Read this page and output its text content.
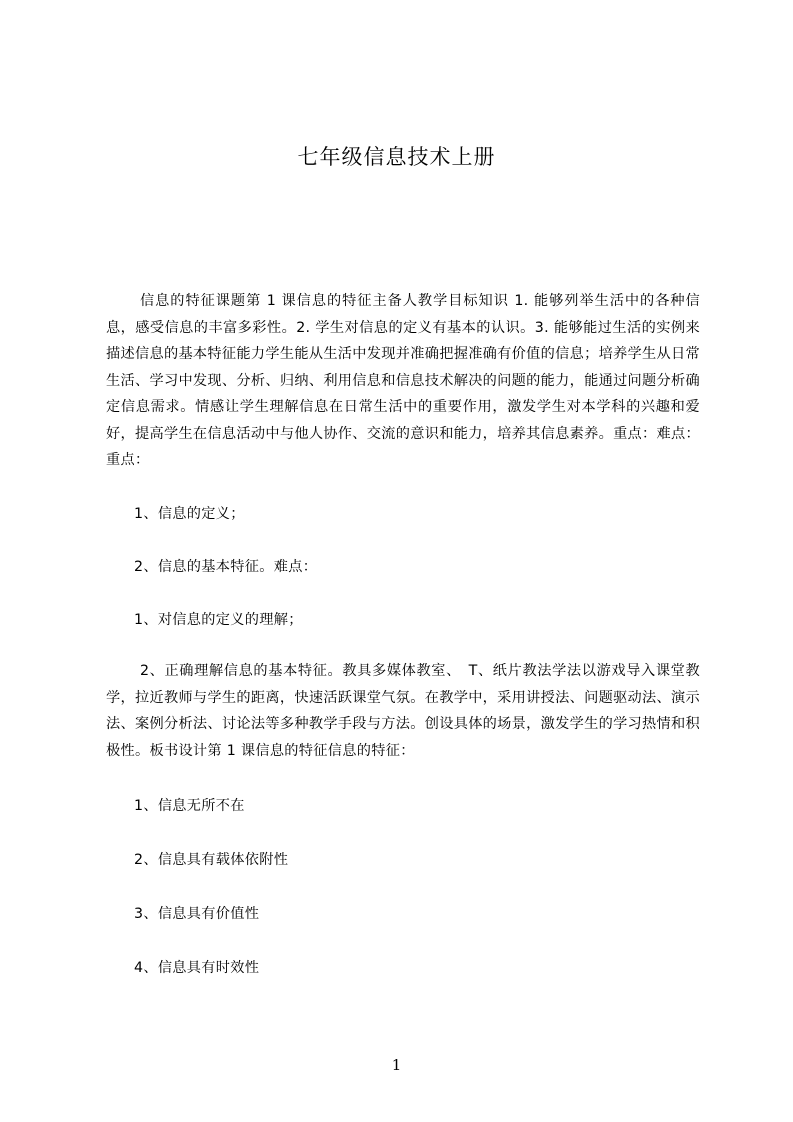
七年级信息技术上册
信息的特征课题第 1 课信息的特征主备人教学目标知识 1. 能够列举生活中的各种信息，感受信息的丰富多彩性。2. 学生对信息的定义有基本的认识。3. 能够能过生活的实例来描述信息的基本特征能力学生能从生活中发现并准确把握准确有价值的信息；培养学生从日常生活、学习中发现、分析、归纳、利用信息和信息技术解决的问题的能力，能通过问题分析确定信息需求。情感让学生理解信息在日常生活中的重要作用，激发学生对本学科的兴趣和爱好，提高学生在信息活动中与他人协作、交流的意识和能力，培养其信息素养。重点：难点：重点：
1、信息的定义；
2、信息的基本特征。难点：
1、对信息的定义的理解；
2、正确理解信息的基本特征。教具多媒体教室、　T、纸片教法学法以游戏导入课堂教学，拉近教师与学生的距离，快速活跃课堂气氛。在教学中，采用讲授法、问题驱动法、演示法、案例分析法、讨论法等多种教学手段与方法。创设具体的场景，激发学生的学习热情和积极性。板书设计第 1 课信息的特征信息的特征：
1、信息无所不在
2、信息具有载体依附性
3、信息具有价值性
4、信息具有时效性
1
